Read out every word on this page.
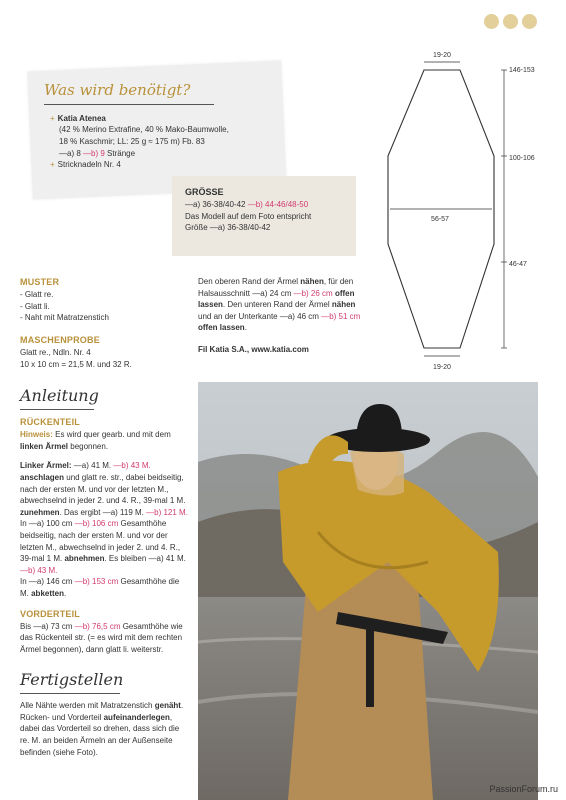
Was wird benötigt?
+ Katia Atenea
(42 % Merino Extrafine, 40 % Mako-Baumwolle,
18 % Kaschmir; LL: 25 g ≈ 175 m) Fb. 83
—a) 8 —b) 9 Stränge
+ Stricknadeln Nr. 4
GRÖSSE
—a) 36-38/40-42 —b) 44-46/48-50
Das Modell auf dem Foto entspricht
Größe —a) 36-38/40-42
19-20
56-57
19-20
146-153
100-106
46-47
MUSTER
- Glatt re.
- Glatt li.
- Naht mit Matratzenstich
MASCHENPROBE
Glatt re., Ndln. Nr. 4
10 x 10 cm = 21,5 M. und 32 R.
Den oberen Rand der Ärmel nähen, für den Halsausschnitt —a) 24 cm —b) 26 cm offen lassen. Den unteren Rand der Ärmel nähen und an der Unterkante —a) 46 cm —b) 51 cm offen lassen.
Fil Katia S.A., www.katia.com
Anleitung
RÜCKENTEIL
Hinweis: Es wird quer gearb. und mit dem linken Ärmel begonnen.
Linker Ärmel: —a) 41 M. —b) 43 M. anschlagen und glatt re. str., dabei beidseitig, nach der ersten M. und vor der letzten M., abwechselnd in jeder 2. und 4. R., 39-mal 1 M. zunehmen. Das ergibt —a) 119 M. —b) 121 M.
In —a) 100 cm —b) 106 cm Gesamthöhe beidseitig, nach der ersten M. und vor der letzten M., abwechselnd in jeder 2. und 4. R., 39-mal 1 M. abnehmen. Es bleiben —a) 41 M. —b) 43 M.
In —a) 146 cm —b) 153 cm Gesamthöhe die M. abketten.
VORDERTEIL
Bis —a) 73 cm —b) 76,5 cm Gesamthöhe wie das Rückenteil str. (= es wird mit dem rechten Ärmel begonnen), dann glatt li. weiterstr.
Fertigstellen
Alle Nähte werden mit Matratzenstich genäht. Rücken- und Vorderteil aufeinanderlegen, dabei das Vorderteil so drehen, dass sich die re. M. an beiden Ärmeln an der Außenseite befinden (siehe Foto).
PassionForum.ru
